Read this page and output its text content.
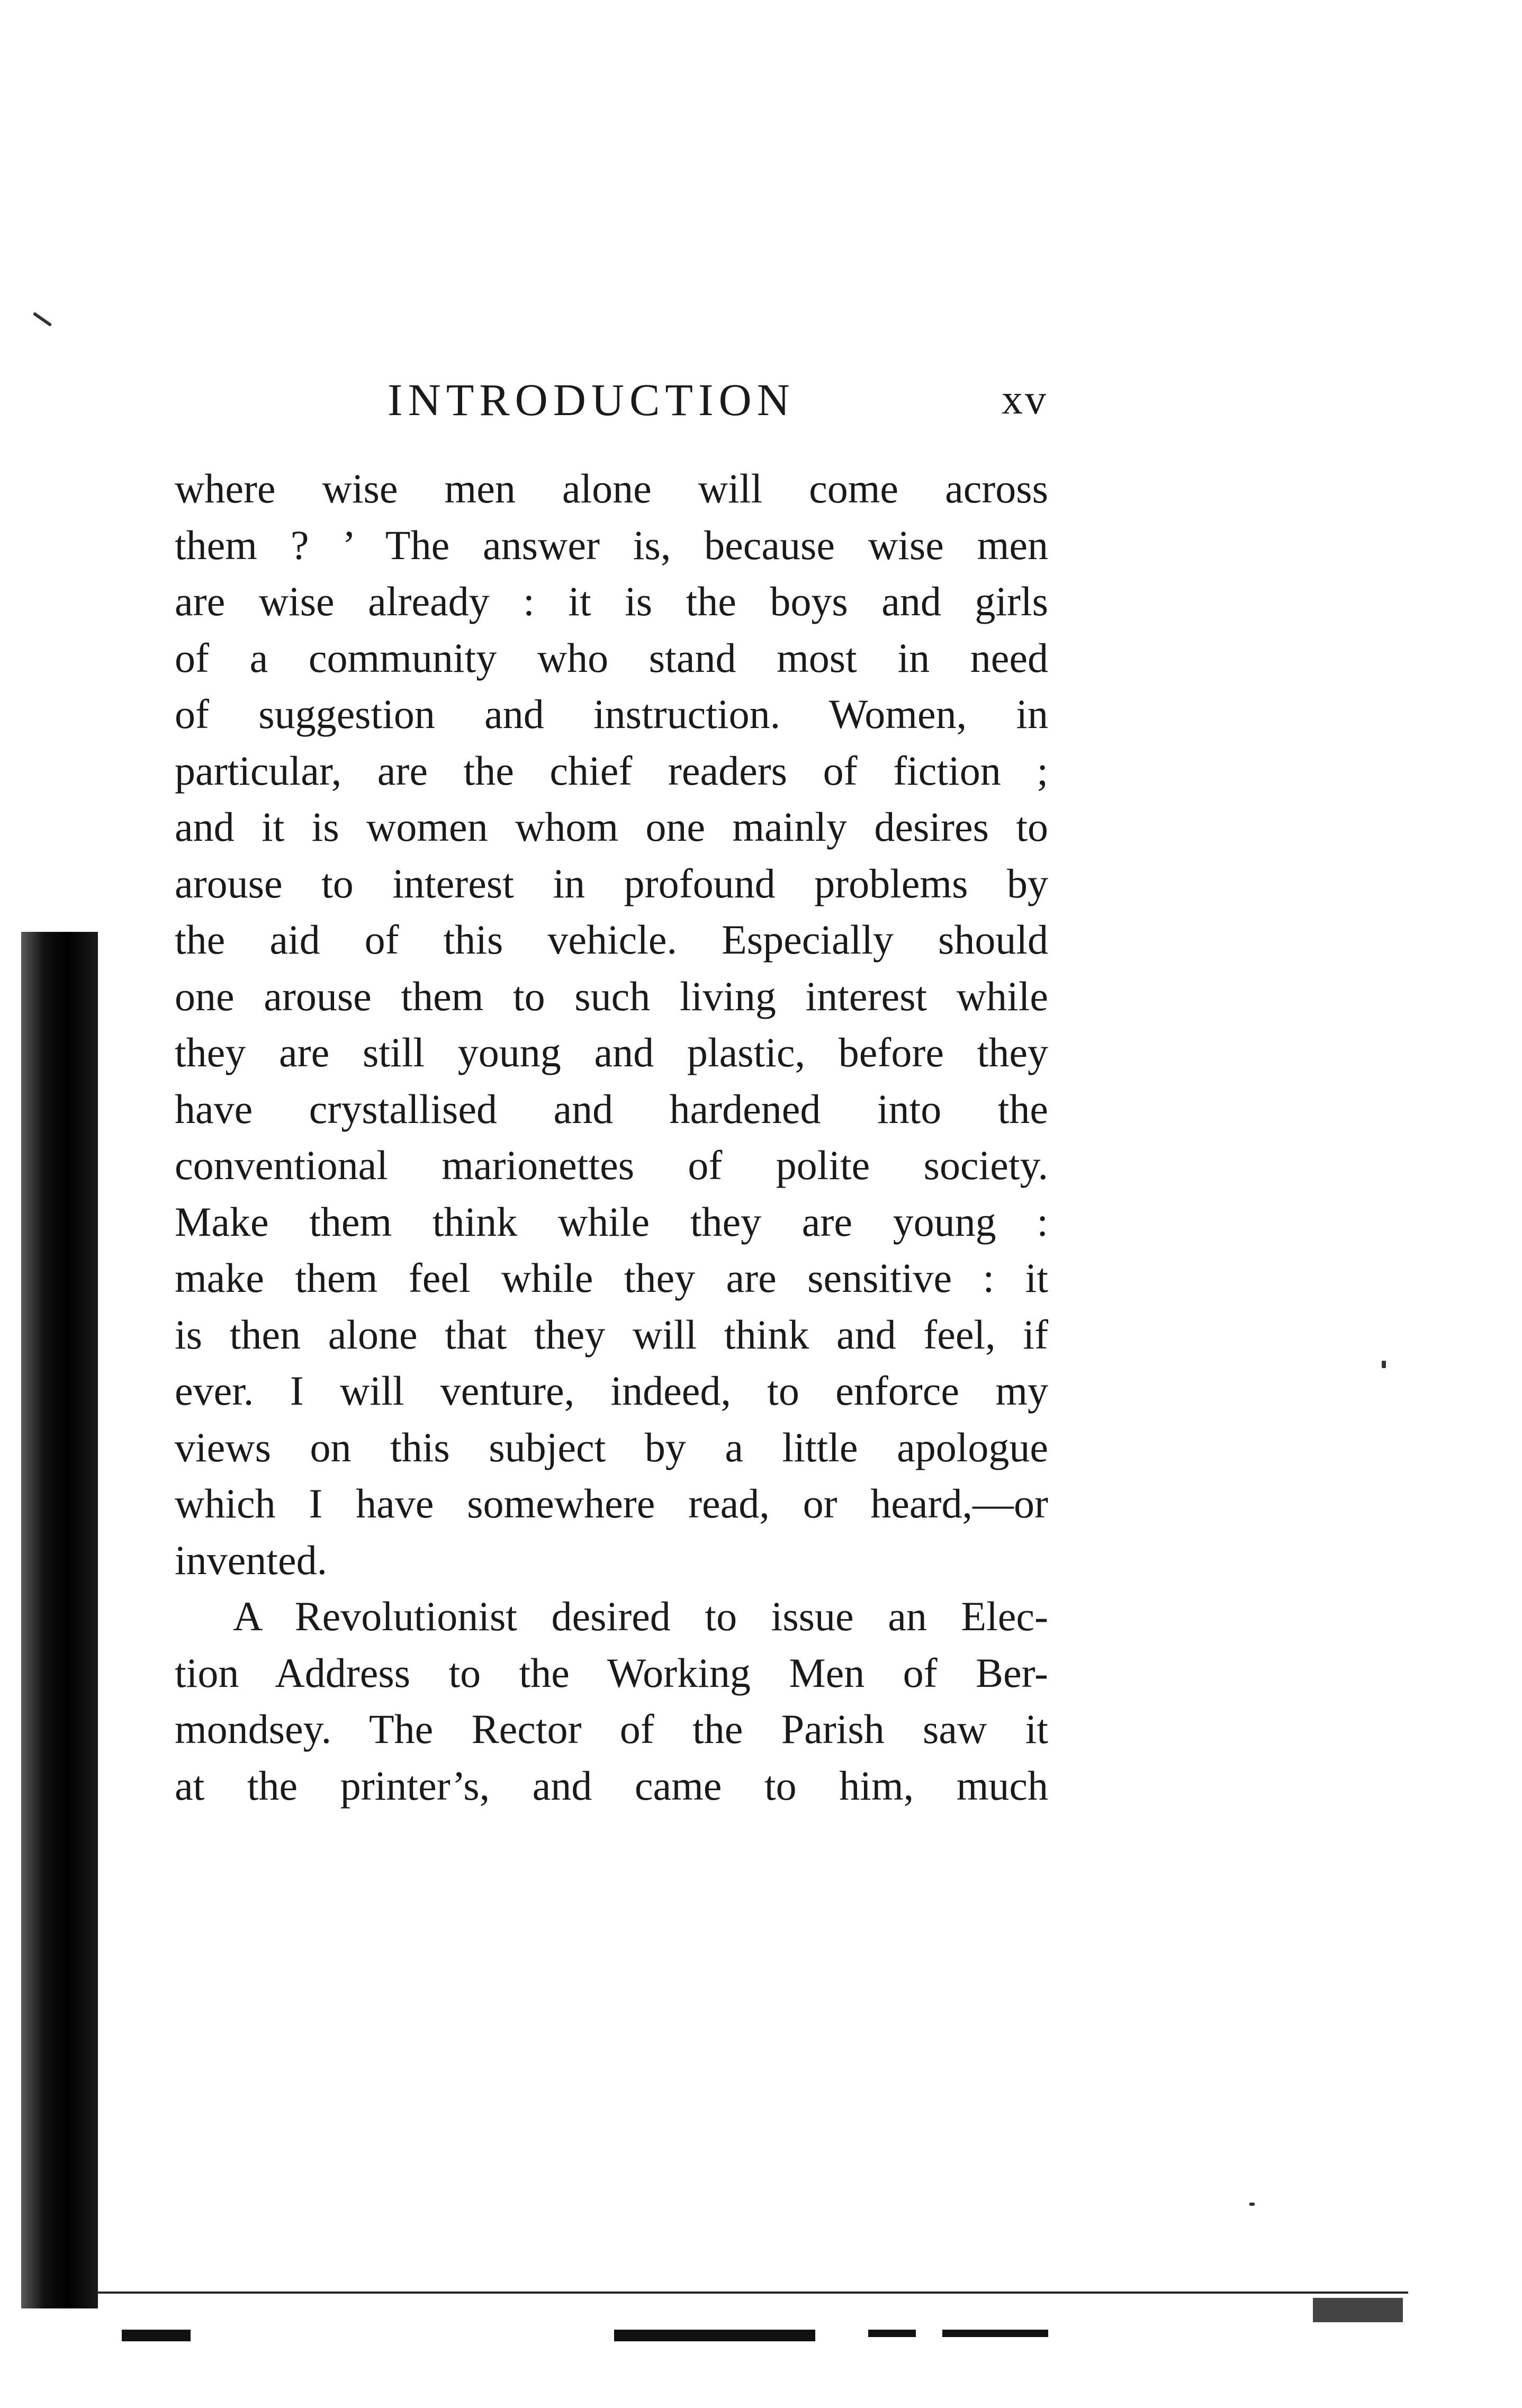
INTRODUCTION	xv
where wise men alone will come across
them ? ’ The answer is, because wise men
are wise already : it is the boys and girls
of a community who stand most in need
of suggestion and instruction. Women, in
particular, are the chief readers of fiction ;
and it is women whom one mainly desires to
arouse to interest in profound problems by
the aid of this vehicle. Especially should
one arouse them to such living interest while
they are still young and plastic, before they
have crystallised and hardened into the
conventional marionettes of polite society.
Make them think while they are young :
make them feel while they are sensitive : it
is then alone that they will think and feel, if
ever. I will venture, indeed, to enforce my
views on this subject by a little apologue
which I have somewhere read, or heard,—or
invented.
A Revolutionist desired to issue an Elec-
tion Address to the Working Men of Ber-
mondsey. The Rector of the Parish saw it
at the printer’s, and came to him, much
